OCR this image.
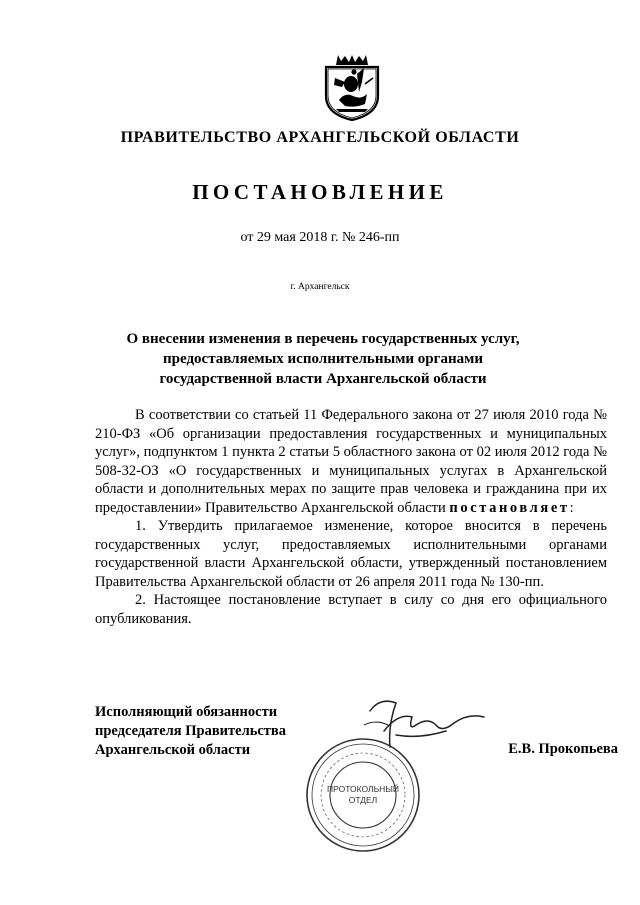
ПРАВИТЕЛЬСТВО АРХАНГЕЛЬСКОЙ ОБЛАСТИ
ПОСТАНОВЛЕНИЕ
от 29 мая 2018 г. № 246-пп
г. Архангельск
О внесении изменения в перечень государственных услуг,
предоставляемых исполнительными органами
государственной власти Архангельской области

В соответствии со статьей 11 Федерального закона от 27 июля 2010 года № 210-ФЗ «Об организации предоставления государственных и муниципальных услуг», подпунктом 1 пункта 2 статьи 5 областного закона от 02 июля 2012 года № 508-32-ОЗ «О государственных и муниципальных услугах в Архангельской области и дополнительных мерах по защите прав человека и гражданина при их предоставлении» Правительство Архангельской области постановляет:

1. Утвердить прилагаемое изменение, которое вносится в перечень государственных услуг, предоставляемых исполнительными органами государственной власти Архангельской области, утвержденный постановлением Правительства Архангельской области от 26 апреля 2011 года № 130-пп.

2. Настоящее постановление вступает в силу со дня его официального опубликования.

ПРОТОКОЛЬНЫЙ
ОТДЕЛ
Исполняющий обязанности
председателя Правительства
Архангельской области	Е.В. Прокопьева
